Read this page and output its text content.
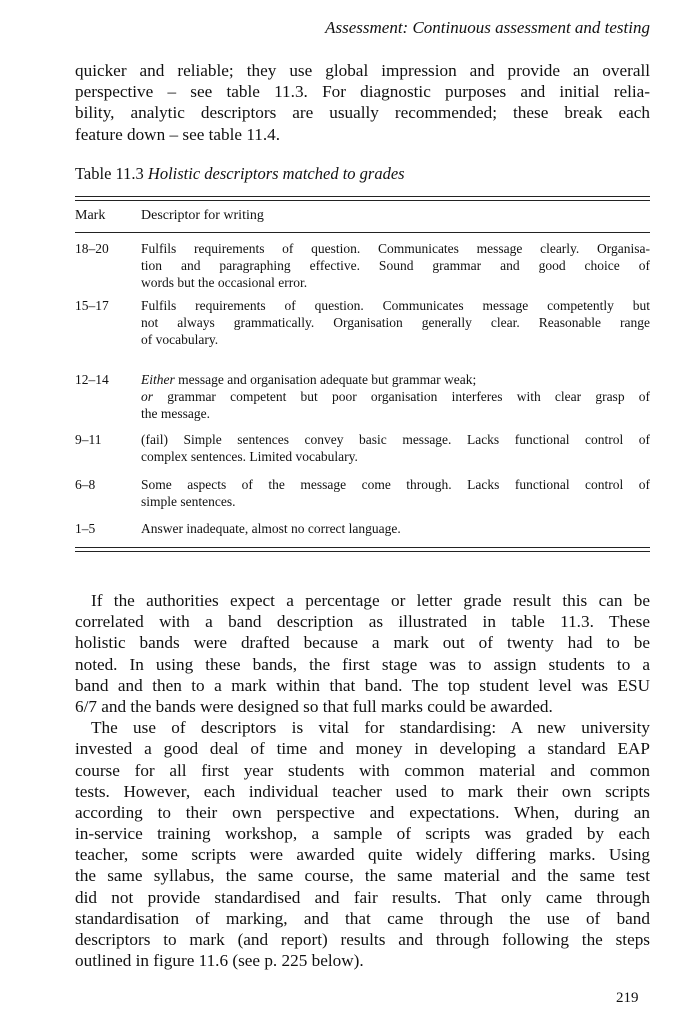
Assessment: Continuous assessment and testing
quicker and reliable; they use global impression and provide an overall
perspective – see table 11.3. For diagnostic purposes and initial relia-
bility, analytic descriptors are usually recommended; these break each
feature down – see table 11.4.
Table 11.3 Holistic descriptors matched to grades
Mark	Descriptor for writing
18–20 Fulfils requirements of question. Communicates message clearly. Organisa-
tion and paragraphing effective. Sound grammar and good choice of
words but the occasional error.
15–17 Fulfils requirements of question. Communicates message competently but
not always grammatically. Organisation generally clear. Reasonable range
of vocabulary.
12–14 Either message and organisation adequate but grammar weak;
or grammar competent but poor organisation interferes with clear grasp of
the message.
9–11	(fail) Simple sentences convey basic message. Lacks functional control of
complex sentences. Limited vocabulary.
6–8	Some aspects of the message come through. Lacks functional control of
simple sentences.
1–5	Answer inadequate, almost no correct language.
If the authorities expect a percentage or letter grade result this can be
correlated with a band description as illustrated in table 11.3. These
holistic bands were drafted because a mark out of twenty had to be
noted. In using these bands, the first stage was to assign students to a
band and then to a mark within that band. The top student level was ESU
6/7 and the bands were designed so that full marks could be awarded.
The use of descriptors is vital for standardising: A new university
invested a good deal of time and money in developing a standard EAP
course for all first year students with common material and common
tests. However, each individual teacher used to mark their own scripts
according to their own perspective and expectations. When, during an
in-service training workshop, a sample of scripts was graded by each
teacher, some scripts were awarded quite widely differing marks. Using
the same syllabus, the same course, the same material and the same test
did not provide standardised and fair results. That only came through
standardisation of marking, and that came through the use of band
descriptors to mark (and report) results and through following the steps
outlined in figure 11.6 (see p. 225 below).
219
